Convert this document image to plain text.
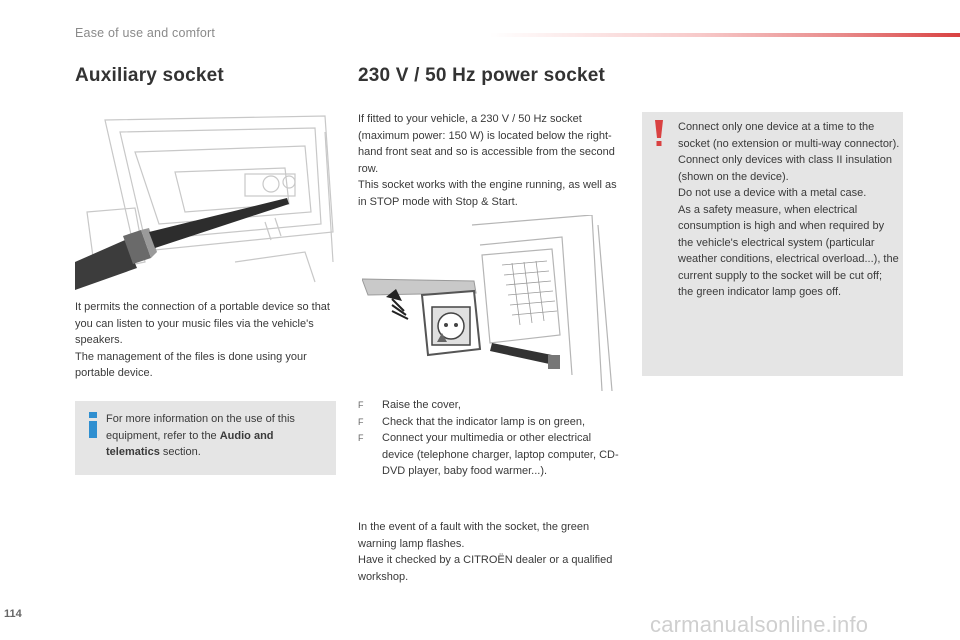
Ease of use and comfort
Auxiliary socket

It permits the connection of a portable device so that you can listen to your music files via the vehicle's speakers.

The management of the files is done using your portable device.

For more information on the use of this equipment, refer to the Audio and telematics section.
230 V / 50 Hz power socket

If fitted to your vehicle, a 230 V / 50 Hz socket (maximum power: 150 W) is located below the right-hand front seat and so is accessible from the second row.

This socket works with the engine running, as well as in STOP mode with Stop & Start.

F Raise the cover,
F Check that the indicator lamp is on green,
F Connect your multimedia or other electrical device (telephone charger, laptop computer, CD-DVD player, baby food warmer...).

In the event of a fault with the socket, the green warning lamp flashes.

Have it checked by a CITROËN dealer or a qualified workshop.

Connect only one device at a time to the socket (no extension or multi-way connector).
Connect only devices with class II insulation (shown on the device).
Do not use a device with a metal case.
As a safety measure, when electrical consumption is high and when required by the vehicle's electrical system (particular weather conditions, electrical overload...), the current supply to the socket will be cut off; the green indicator lamp goes off.
114	carmanualsonline.info
